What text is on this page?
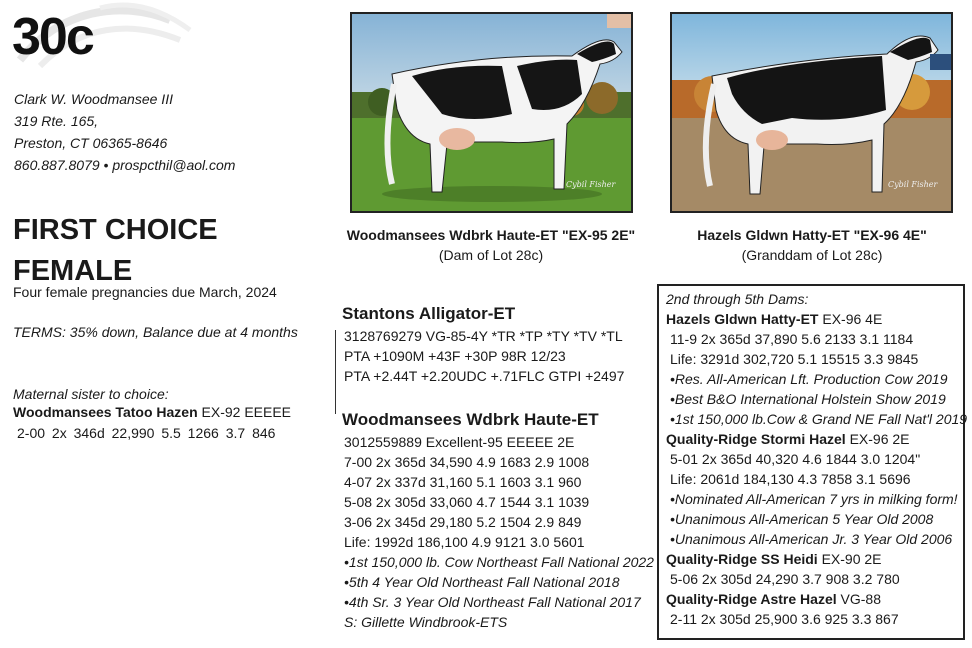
30c
Clark W. Woodmansee III
319 Rte. 165,
Preston, CT 06365-8646
860.887.8079 • prospcthil@aol.com
FIRST CHOICE
FEMALE
Four female pregnancies due March, 2024
TERMS: 35% down, Balance due at 4 months
Maternal sister to choice:
Woodmansees Tatoo Hazen EX-92 EEEEE
2-00 2x 346d 22,990 5.5 1266 3.7 846
Cybil Fisher
Woodmansees Wdbrk Haute-ET "EX-95 2E"
(Dam of Lot 28c)
Cybil Fisher
Hazels Gldwn Hatty-ET "EX-96 4E"
(Granddam of Lot 28c)
Stantons Alligator-ET
3128769279 VG-85-4Y *TR *TP *TY *TV *TL
PTA +1090M +43F +30P 98R 12/23
PTA +2.44T +2.20UDC +.71FLC GTPI +2497
Woodmansees Wdbrk Haute-ET
3012559889 Excellent-95 EEEEE 2E
7-00 2x 365d 34,590 4.9 1683 2.9 1008
4-07 2x 337d 31,160 5.1 1603 3.1 960
5-08 2x 305d 33,060 4.7 1544 3.1 1039
3-06 2x 345d 29,180 5.2 1504 2.9 849
Life: 1992d 186,100 4.9 9121 3.0 5601
•1st 150,000 lb. Cow Northeast Fall National 2022
•5th 4 Year Old Northeast Fall National 2018
•4th Sr. 3 Year Old Northeast Fall National 2017
S: Gillette Windbrook-ETS
2nd through 5th Dams:
Hazels Gldwn Hatty-ET EX-96 4E
11-9 2x 365d 37,890 5.6 2133 3.1 1184
Life: 3291d 302,720 5.1 15515 3.3 9845
•Res. All-American Lft. Production Cow 2019
•Best B&O International Holstein Show 2019
•1st 150,000 lb.Cow & Grand NE Fall Nat'l 2019
Quality-Ridge Stormi Hazel EX-96 2E
5-01 2x 365d 40,320 4.6 1844 3.0 1204"
Life: 2061d 184,130 4.3 7858 3.1 5696
•Nominated All-American 7 yrs in milking form!
•Unanimous All-American 5 Year Old 2008
•Unanimous All-American Jr. 3 Year Old 2006
Quality-Ridge SS Heidi EX-90 2E
5-06 2x 305d 24,290 3.7 908 3.2 780
Quality-Ridge Astre Hazel VG-88
2-11 2x 305d 25,900 3.6 925 3.3 867
